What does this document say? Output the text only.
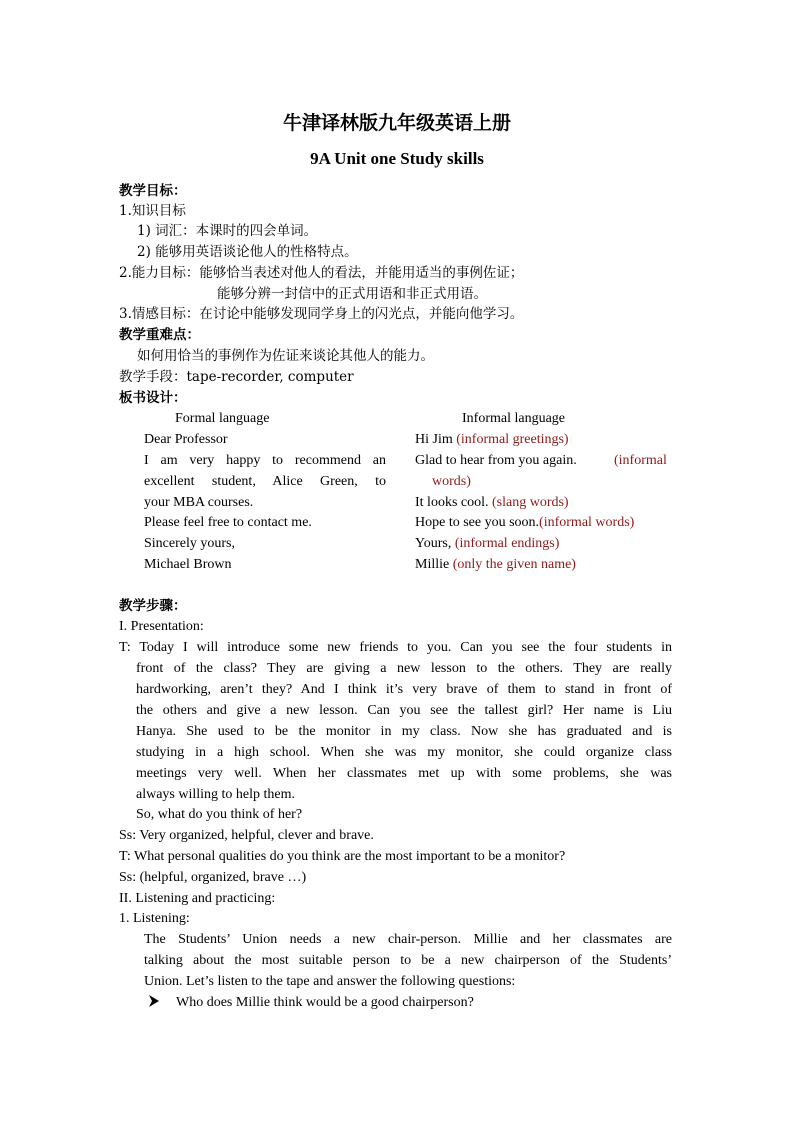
牛津译林版九年级英语上册
9A Unit one Study skills
教学目标：
1.知识目标
1) 词汇：本课时的四会单词。
2) 能够用英语谈论他人的性格特点。
2.能力目标：能够恰当表述对他人的看法，并能用适当的事例佐证；
能够分辨一封信中的正式用语和非正式用语。
3.情感目标：在讨论中能够发现同学身上的闪光点，并能向他学习。
教学重难点：
如何用恰当的事例作为佐证来谈论其他人的能力。
教学手段：tape-recorder, computer
板书设计：
Formal language	Informal language
Dear Professor
I am very happy to recommend an
excellent student, Alice Green, to
your MBA courses.
Please feel free to contact me.
Sincerely yours,
Michael Brown
Hi Jim (informal greetings)
Glad to hear from you again.	(informal
words)
It looks cool. (slang words)
Hope to see you soon.(informal words)
Yours, (informal endings)
Millie (only the given name)
教学步骤：
I. Presentation:
T: Today I will introduce some new friends to you. Can you see the four students in
front of the class? They are giving a new lesson to the others. They are really
hardworking, aren’t they? And I think it’s very brave of them to stand in front of
the others and give a new lesson. Can you see the tallest girl? Her name is Liu
Hanya. She used to be the monitor in my class. Now she has graduated and is
studying in a high school. When she was my monitor, she could organize class
meetings very well. When her classmates met up with some problems, she was
always willing to help them.
So, what do you think of her?
Ss: Very organized, helpful, clever and brave.
T: What personal qualities do you think are the most important to be a monitor?
Ss: (helpful, organized, brave …)
II. Listening and practicing:
1. Listening:
The Students’ Union needs a new chair-person. Millie and her classmates are
talking about the most suitable person to be a new chairperson of the Students’
Union. Let’s listen to the tape and answer the following questions:
Who does Millie think would be a good chairperson?
